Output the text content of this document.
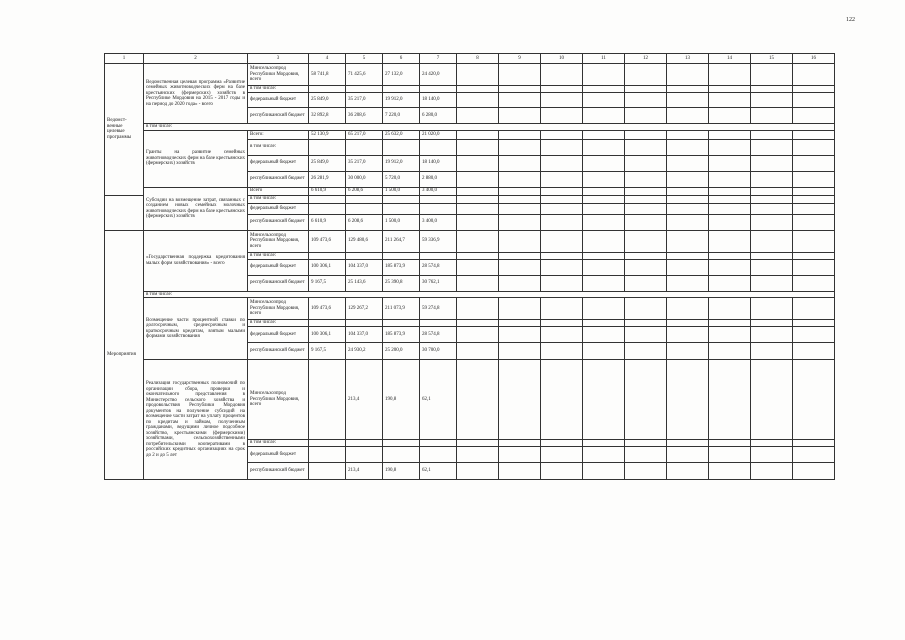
122
1	2	3	4	5	6	7	8	9	10	11	12	13	14	15	16
Ведомст-венные целевые программы	Ведомственная целевая программа «Развитие семейных животноводческих ферм на базе крестьянских (фермерских) хозяйств в Республике Мордовия на 2015 - 2017 годы и на период до 2020 года» - всего	Минсельхозпрод Республики Мордовия, всего	58 741,8	71 425,6	27 132,0	24 420,0									
		в том числе:													
		федеральный бюджет	25 849,0	35 217,0	19 912,0	18 140,0									
		республиканский бюджет	32 892,8	36 208,6	7 220,0	6 280,0									
	в том числе:														
	Гранты на развитие семейных животноводческих ферм на базе крестьянских (фермерских) хозяйств	Всего:	52 130,9	65 217,0	25 632,0	21 020,0									
		в том числе:													
		федеральный бюджет	25 849,0	35 217,0	19 912,0	18 140,0									
		республиканский бюджет	26 281,9	30 000,0	5 720,0	2 880,0									
	Субсидии на возмещение затрат, связанных с созданием новых семейных молочных животноводческих ферм на базе крестьянских (фермерских) хозяйств	Всего	6 610,9	6 208,6	1 500,0	3 400,0									
		в том числе:													
		федеральный бюджет													
		республиканский бюджет	6 610,9	6 208,6	1 500,0	3 400,0									
Мероприятия	«Государственная поддержка кредитования малых форм хозяйствования» - всего	Минсельхозпрод Республики Мордовия, всего	109 473,6	129 480,6	211 264,7	59 336,9									
		в том числе:													
		федеральный бюджет	100 306,1	104 337,0	185 873,9	28 574,8									
		республиканский бюджет	9 167,5	25 143,6	25 390,8	30 762,1									
	в том числе:														
	Возмещение части процентной ставки по долгосрочным, среднесрочным и краткосрочным кредитам, взятым малыми формами хозяйствования	Минсельхозпрод Республики Мордовия, всего	109 473,6	129 267,2	211 073,9	59 274,8									
		в том числе:													
		федеральный бюджет	100 306,1	104 337,0	185 873,9	28 574,8									
		республиканский бюджет	9 167,5	24 930,2	25 200,0	30 700,0									
	Реализация государственных полномочий по организации сбора, проверки и окончательного представления в Министерство сельского хозяйства и продовольствия Республики Мордовия документов на получение субсидий на возмещение части затрат на уплату процентов по кредитам и займам, полученным гражданами, ведущими личное подсобное хозяйство, крестьянскими (фермерскими) хозяйствами, сельскохозяйственными потребительскими кооперативами в российских кредитных организациях на срок до 2 и до 5 лет	Минсельхозпрод Республики Мордовия, всего		213,4	190,8	62,1									
		в том числе:													
		федеральный бюджет													
		республиканский бюджет		213,4	190,8	62,1									
